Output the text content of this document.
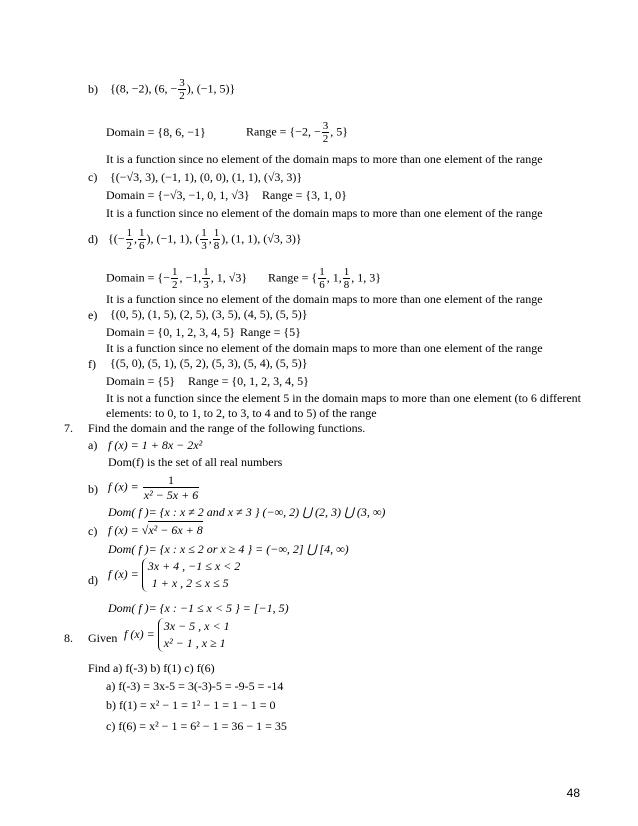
b) {(8, −2), (6, − $\frac{3}{2}$ ), (−1, 5)}
Domain = {8, 6, −1}	Range = {−2, − $\frac{3}{2}$ , 5}
It is a function since no element of the domain maps to more than one element of the range
c) {(−√3, 3), (−1, 1), (0, 0), (1, 1), (√3, 3)}
Domain = {−√3, −1, 0, 1, √3} Range = {3, 1, 0}
It is a function since no element of the domain maps to more than one element of the range
d) {(− $\frac{1}{2}$ , $\frac{1}{6}$ ), (−1, 1), ( $\frac{1}{3}$ , $\frac{1}{8}$ ), (1, 1), (√3, 3)}
Domain = {− $\frac{1}{2}$ , −1, $\frac{1}{3}$ , 1, √3} Range = { $\frac{1}{6}$ , 1, $\frac{1}{8}$ , 1, 3}
It is a function since no element of the domain maps to more than one element of the range
e) {(0, 5), (1, 5), (2, 5), (3, 5), (4, 5), (5, 5)}
Domain = {0, 1, 2, 3, 4, 5} Range = {5}
It is a function since no element of the domain maps to more than one element of the range
f) {(5, 0), (5, 1), (5, 2), (5, 3), (5, 4), (5, 5)}
Domain = {5} Range = {0, 1, 2, 3, 4, 5}
It is not a function since the element 5 in the domain maps to more than one element (to 6 different
elements: to 0, to 1, to 2, to 3, to 4 and to 5) of the range
7. Find the domain and the range of the following functions.
a) f (x) = 1 + 8x − 2x²
Dom(f) is the set of all real numbers
b) f $(x) = \frac{1}{\text{x² − 5x + 6}}$
Dom( f )= {x : x ≠ 2 and x ≠ 3 } (−∞, 2) ⋃ (2, 3) ⋃ (3, ∞)
c) f (x) = √x² − 6x + 8
Dom( f )= {x : x ≤ 2 or x ≥ 4 } = (−∞, 2] ⋃ [4, ∞)
d) f (x) =
3x + 4 , −1 ≤ x < 2
1 + x , 2 ≤ x ≤ 5
Dom( f )= {x : −1 ≤ x < 5 } = [−1, 5)
8. Given f (x) =
3x − 5 , x < 1
x² − 1 , x ≥ 1
Find a) f(-3) b) f(1) c) f(6)
a) f(-3) = 3x-5 = 3(-3)-5 = -9-5 = -14
b) f(1) = x² − 1 = 1² − 1 = 1 − 1 = 0
c) f(6) = x² − 1 = 6² − 1 = 36 − 1 = 35
48
